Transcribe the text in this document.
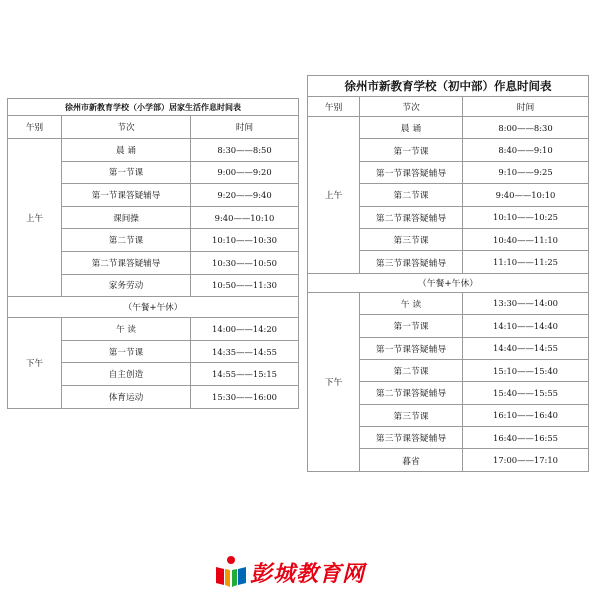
徐州市新教育学校（小学部）居家生活作息时间表		
午别	节次	时间
上午	晨 诵	8:30——8:50
	第一节课	9:00——9:20
	第一节课答疑辅导	9:20——9:40
	课间操	9:40——10:10
	第二节课	10:10——10:30
	第二节课答疑辅导	10:30——10:50
	家务劳动	10:50——11:30
（午餐+午休）		
下午	午 读	14:00——14:20
	第一节课	14:35——14:55
	自主创造	14:55——15:15
	体育运动	15:30——16:00
徐州市新教育学校（初中部）作息时间表		
午别	节次	时间
上午	晨 诵	8:00——8:30
	第一节课	8:40——9:10
	第一节课答疑辅导	9:10——9:25
	第二节课	9:40——10:10
	第二节课答疑辅导	10:10——10:25
	第三节课	10:40——11:10
	第三节课答疑辅导	11:10——11:25
（午餐+午休）		
下午	午 读	13:30——14:00
	第一节课	14:10——14:40
	第一节课答疑辅导	14:40——14:55
	第二节课	15:10——15:40
	第二节课答疑辅导	15:40——15:55
	第三节课	16:10——16:40
	第三节课答疑辅导	16:40——16:55
	暮省	17:00——17:10
彭城教育网
